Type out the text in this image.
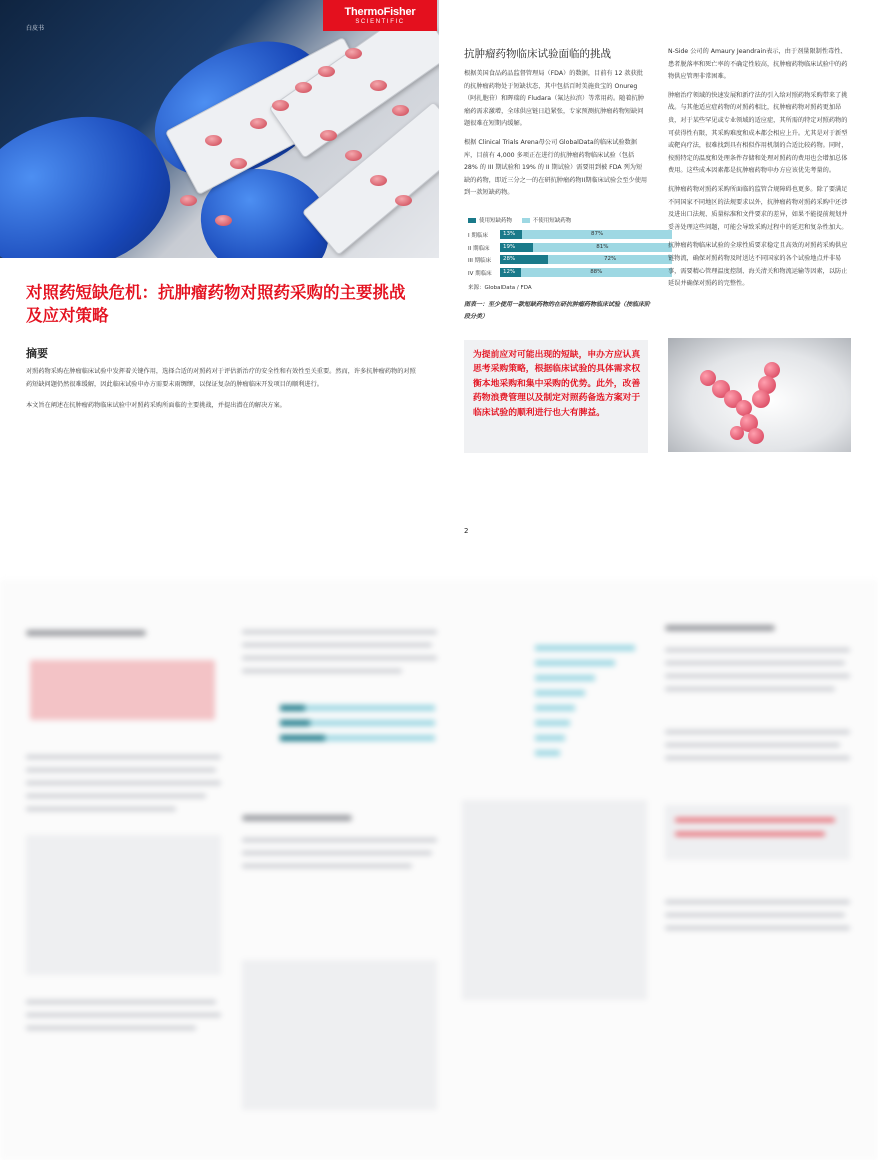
白皮书
ThermoFisher
SCIENTIFIC
对照药短缺危机：抗肿瘤药物对照药采购的主要挑战及应对策略
摘要

对照药物采购在肿瘤临床试验中发挥着关键作用，选择合适的对照药对于评估新治疗的安全性和有效性至关重要。然而，许多抗肿瘤药物的对照药短缺问题仍然很难缓解，因此临床试验申办方需要未雨绸缪，以保证复杂的肿瘤临床开发项目的顺利进行。

本文旨在阐述在抗肿瘤药物临床试验中对照药采购所面临的主要挑战，并提出潜在的解决方案。

抗肿瘤药物临床试验面临的挑战

根据美国食品药品监督管理局（FDA）的数据，目前有 12 款获批的抗肿瘤药物处于短缺状态，其中包括百时美施贵宝的 Onureg（阿扎胞苷）和晖瑞的 Fludara（氟达拉滨）等常用药。随着抗肿瘤药需求激增，全球供应链日趋紧张，专家预测抗肿瘤药物短缺问题很难在短期内缓解。

根据 Clinical Trials Arena母公司 GlobalData的临床试验数据库，目前有 4,000 多项正在进行的抗肿瘤药物临床试验（包括 28% 的 III 期试验和 19% 的 II 期试验）需要用到被 FDA 列为短缺的药物，即近三分之一的在研抗肿瘤药物II期临床试验会至少使用到一款短缺药物。

使用短缺药物	不使用短缺药物
I 期临床	13%	87%
II 期临床	19%	81%
III 期临床	28%	72%
IV 期临床	12%	88%
来源：GlobalData / FDA

图表一：至少使用一款短缺药物的在研抗肿瘤药物临床试验（按临床阶段分类）

为提前应对可能出现的短缺，申办方应认真思考采购策略，根据临床试验的具体需求权衡本地采购和集中采购的优势。此外，改善药物浪费管理以及制定对照药备选方案对于临床试验的顺利进行也大有脾益。

N-Side 公司的 Amaury Jeandrain表示，由于剂量限制性毒性、患者脱落率和死亡率的不确定性较高，抗肿瘤药物临床试验中的药物供应管理非常困难。

肿瘤治疗领域的快速发展和新疗法的引入给对照药物采购带来了挑战。与其他适应症药物的对照药相比，抗肿瘤药物对照药更加昂贵，对于某些罕见或专业领域的适应症，其所需的特定对照药物的可获得性有限，其采购难度和成本都会相应上升。尤其是对于新型或靶向疗法，很难找到具有相似作用机制的合适比较药物。同时，按照特定的温度和处理条件存储和处理对照药的费用也会增加总体费用。这些成本因素都是抗肿瘤药物申办方应该优先考量的。

抗肿瘤药物对照药采购所面临的监管合规障碍也更多。除了要满足不同国家不同地区的法规要求以外，抗肿瘤药物对照药采购中还涉及进出口法规、质量标准和文件要求的差异，如果不能提前规划并妥善处理这些问题，可能会导致采购过程中的延迟和复杂性加大。

抗肿瘤药物临床试验的全球性质要求稳定且高效的对照药采购供应链物流，确保对照药物及时送达不同国家的各个试验地点并非易事，需要精心管理温度控制、海关清关和物流运输等因素，以防止延误并确保对照药的完整性。

2
